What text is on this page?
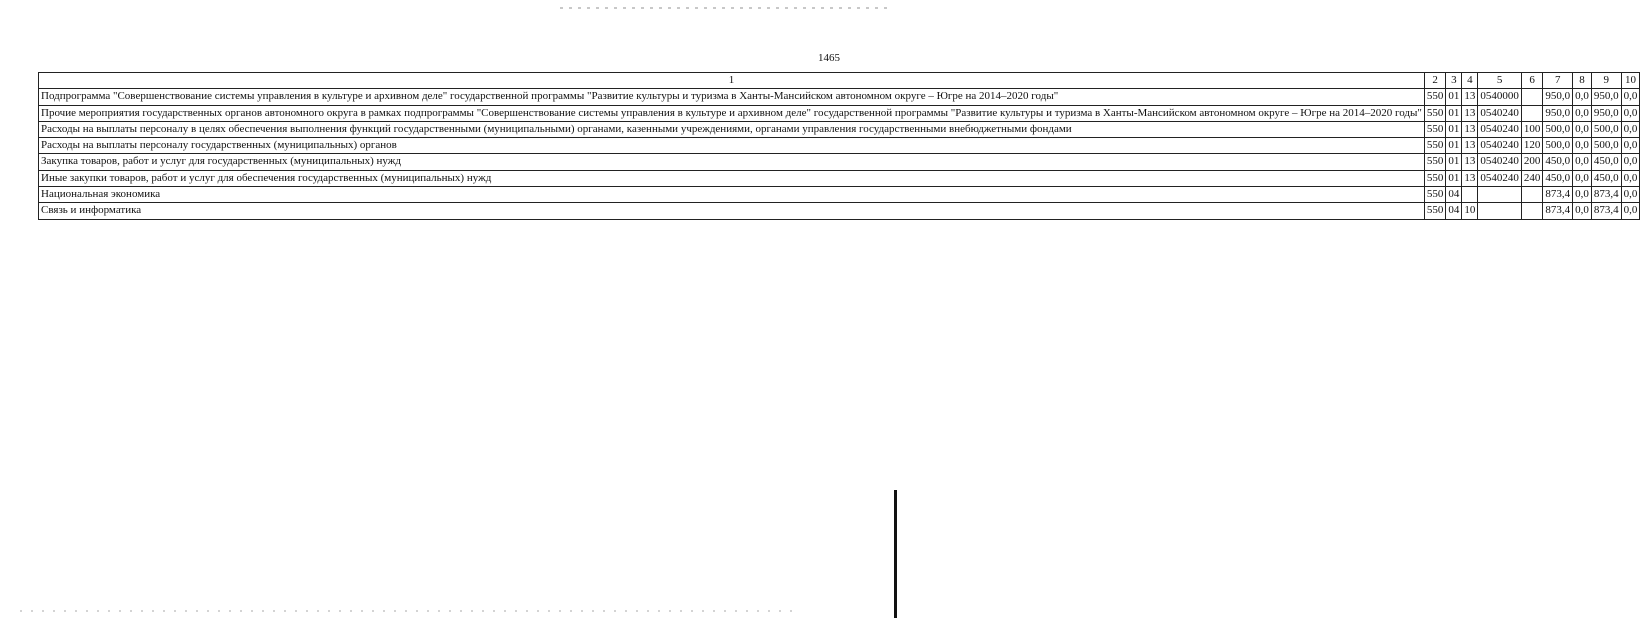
1465
1	2	3	4	5	6	7	8	9	10
Подпрограмма "Совершенствование системы управления в культуре и архивном деле" государственной программы "Развитие культуры и туризма в Ханты-Мансийском автономном округе – Югре на 2014–2020 годы"	550	01	13	0540000		950,0	0,0	950,0	0,0
Прочие мероприятия государственных органов автономного округа в рамках подпрограммы "Совершенствование системы управления в культуре и архивном деле" государственной программы "Развитие культуры и туризма в Ханты-Мансийском автономном округе – Югре на 2014–2020 годы"	550	01	13	0540240		950,0	0,0	950,0	0,0
Расходы на выплаты персоналу в целях обеспечения выполнения функций государственными (муниципальными) органами, казенными учреждениями, органами управления государственными внебюджетными фондами	550	01	13	0540240	100	500,0	0,0	500,0	0,0
Расходы на выплаты персоналу государственных (муниципальных) органов	550	01	13	0540240	120	500,0	0,0	500,0	0,0
Закупка товаров, работ и услуг для государственных (муниципальных) нужд	550	01	13	0540240	200	450,0	0,0	450,0	0,0
Иные закупки товаров, работ и услуг для обеспечения государственных (муниципальных) нужд	550	01	13	0540240	240	450,0	0,0	450,0	0,0
Национальная экономика	550	04				873,4	0,0	873,4	0,0
Связь и информатика	550	04	10			873,4	0,0	873,4	0,0
